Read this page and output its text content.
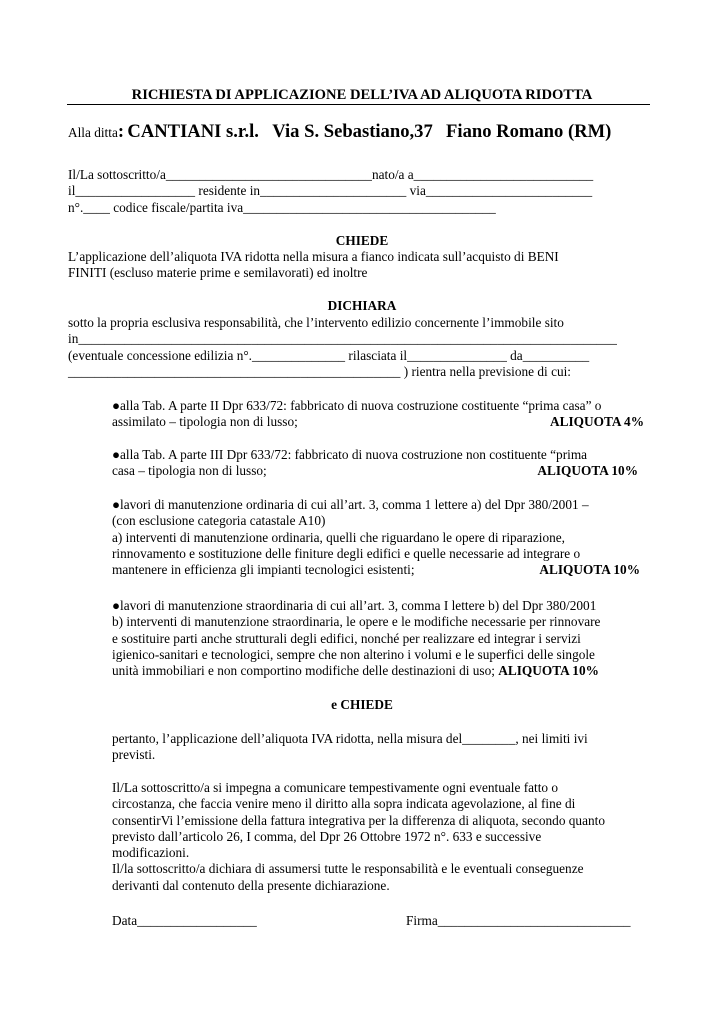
RICHIESTA DI APPLICAZIONE DELL’IVA AD ALIQUOTA RIDOTTA
Alla ditta: CANTIANI s.r.l. Via S. Sebastiano,37 Fiano Romano (RM)
Il/La sottoscritto/a_______________________________nato/a a___________________________
il__________________ residente in______________________ via_________________________
n°.____ codice fiscale/partita iva______________________________________
CHIEDE
L’applicazione dell’aliquota IVA ridotta nella misura a fianco indicata sull’acquisto di BENI
FINITI (escluso materie prime e semilavorati) ed inoltre
DICHIARA
sotto la propria esclusiva responsabilità, che l’intervento edilizio concernente l’immobile sito
in_________________________________________________________________________________
(eventuale concessione edilizia n°.______________ rilasciata il_______________ da__________
__________________________________________________ ) rientra nella previsione di cui:
●alla Tab. A parte II Dpr 633/72: fabbricato di nuova costruzione costituente “prima casa” o
assimilato – tipologia non di lusso;	ALIQUOTA 4%
●alla Tab. A parte III Dpr 633/72: fabbricato di nuova costruzione non costituente “prima
casa – tipologia non di lusso;	ALIQUOTA 10%
●lavori di manutenzione ordinaria di cui all’art. 3, comma 1 lettere a) del Dpr 380/2001 –
(con esclusione categoria catastale A10)
a) interventi di manutenzione ordinaria, quelli che riguardano le opere di riparazione,
rinnovamento e sostituzione delle finiture degli edifici e quelle necessarie ad integrare o
mantenere in efficienza gli impianti tecnologici esistenti;	ALIQUOTA 10%
●lavori di manutenzione straordinaria di cui all’art. 3, comma I lettere b) del Dpr 380/2001
b) interventi di manutenzione straordinaria, le opere e le modifiche necessarie per rinnovare
e sostituire parti anche strutturali degli edifici, nonché per realizzare ed integrar i servizi
igienico-sanitari e tecnologici, sempre che non alterino i volumi e le superfici delle singole
unità immobiliari e non comportino modifiche delle destinazioni di uso; ALIQUOTA 10%
e CHIEDE
pertanto, l’applicazione dell’aliquota IVA ridotta, nella misura del________, nei limiti ivi
previsti.
Il/La sottoscritto/a si impegna a comunicare tempestivamente ogni eventuale fatto o
circostanza, che faccia venire meno il diritto alla sopra indicata agevolazione, al fine di
consentirVi l’emissione della fattura integrativa per la differenza di aliquota, secondo quanto
previsto dall’articolo 26, I comma, del Dpr 26 Ottobre 1972 n°. 633 e successive
modificazioni.
Il/la sottoscritto/a dichiara di assumersi tutte le responsabilità e le eventuali conseguenze
derivanti dal contenuto della presente dichiarazione.
Data__________________	Firma_____________________________
